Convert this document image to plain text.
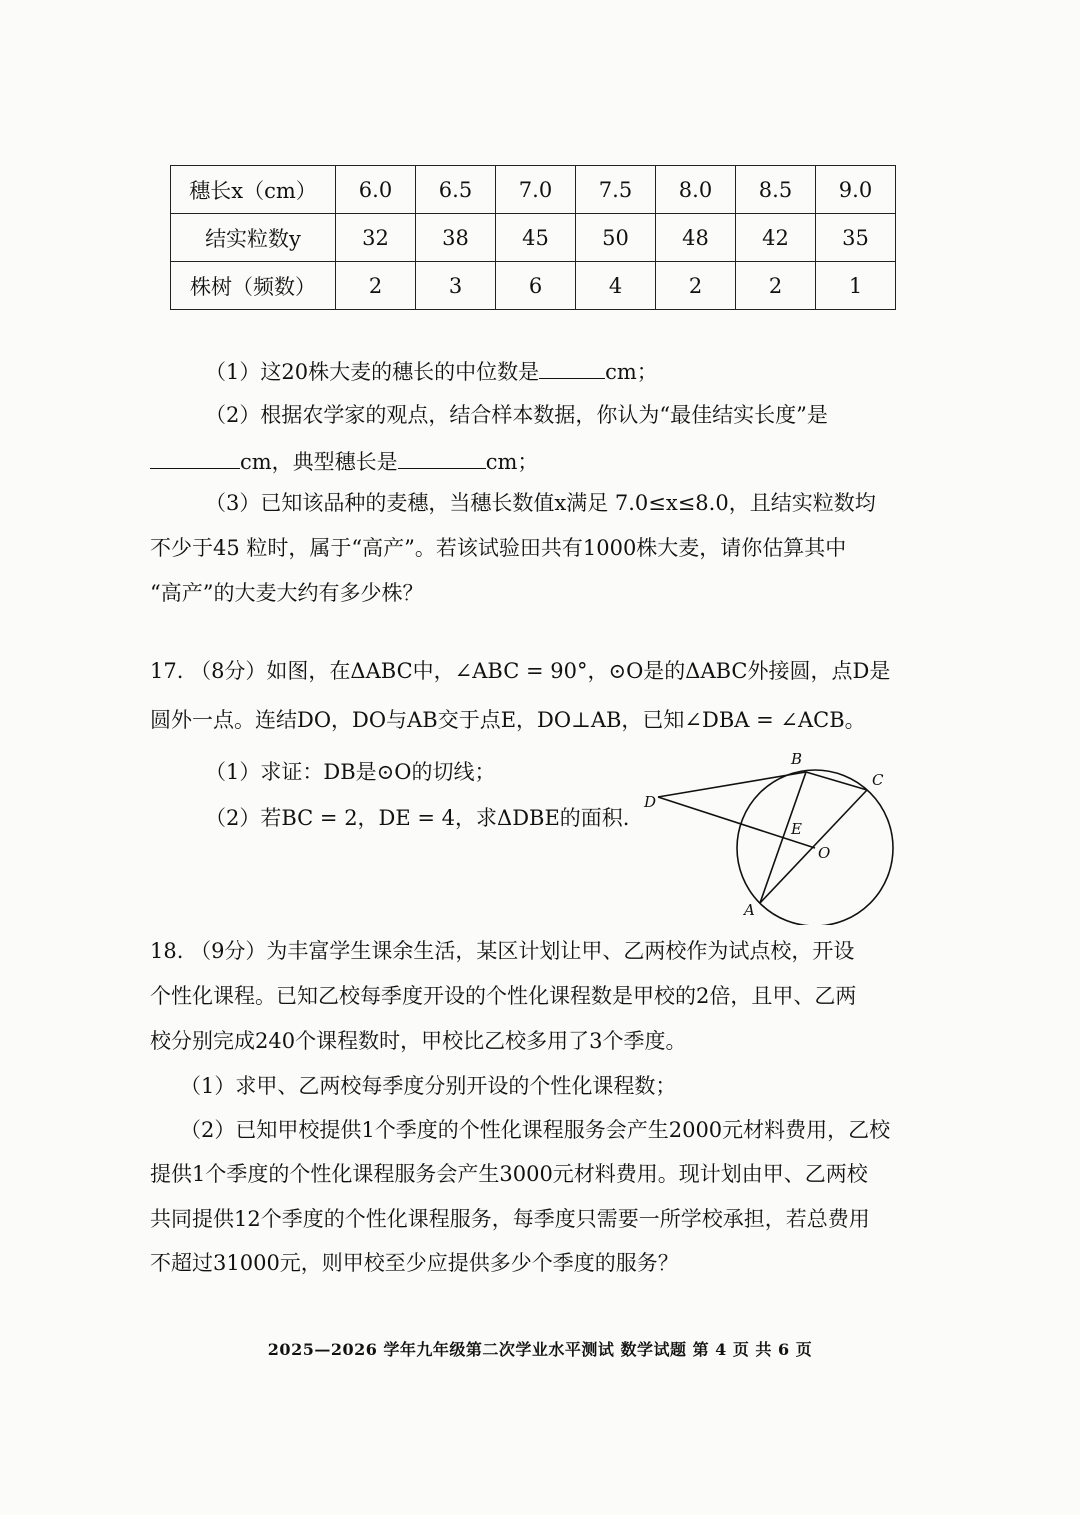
穗长x（cm）	6.0	6.5	7.0	7.5	8.0	8.5	9.0
结实粒数y	32	38	45	50	48	42	35
株树（频数）	2	3	6	4	2	2	1
（1）这20株大麦的穗长的中位数是	cm；
（2）根据农学家的观点，结合样本数据，你认为“最佳结实长度”是
cm，典型穗长是	cm；
（3）已知该品种的麦穗，当穗长数值x满足 7.0≤x≤8.0，且结实粒数均
不少于45 粒时，属于“高产”。若该试验田共有1000株大麦，请你估算其中
“高产”的大麦大约有多少株？
17. （8分）如图，在ΔABC中，∠ABC = 90°，⊙O是的ΔABC外接圆，点D是
圆外一点。连结DO，DO与AB交于点E，DO⊥AB，已知∠DBA = ∠ACB。
（1）求证：DB是⊙O的切线；
（2）若BC = 2，DE = 4，求ΔDBE的面积.
B
C
D
E
O
A
18. （9分）为丰富学生课余生活，某区计划让甲、乙两校作为试点校，开设
个性化课程。已知乙校每季度开设的个性化课程数是甲校的2倍，且甲、乙两
校分别完成240个课程数时，甲校比乙校多用了3个季度。
（1）求甲、乙两校每季度分别开设的个性化课程数；
（2）已知甲校提供1个季度的个性化课程服务会产生2000元材料费用，乙校
提供1个季度的个性化课程服务会产生3000元材料费用。现计划由甲、乙两校
共同提供12个季度的个性化课程服务，每季度只需要一所学校承担，若总费用
不超过31000元，则甲校至少应提供多少个季度的服务？
2025—2026 学年九年级第二次学业水平测试 数学试题 第 4 页 共 6 页
